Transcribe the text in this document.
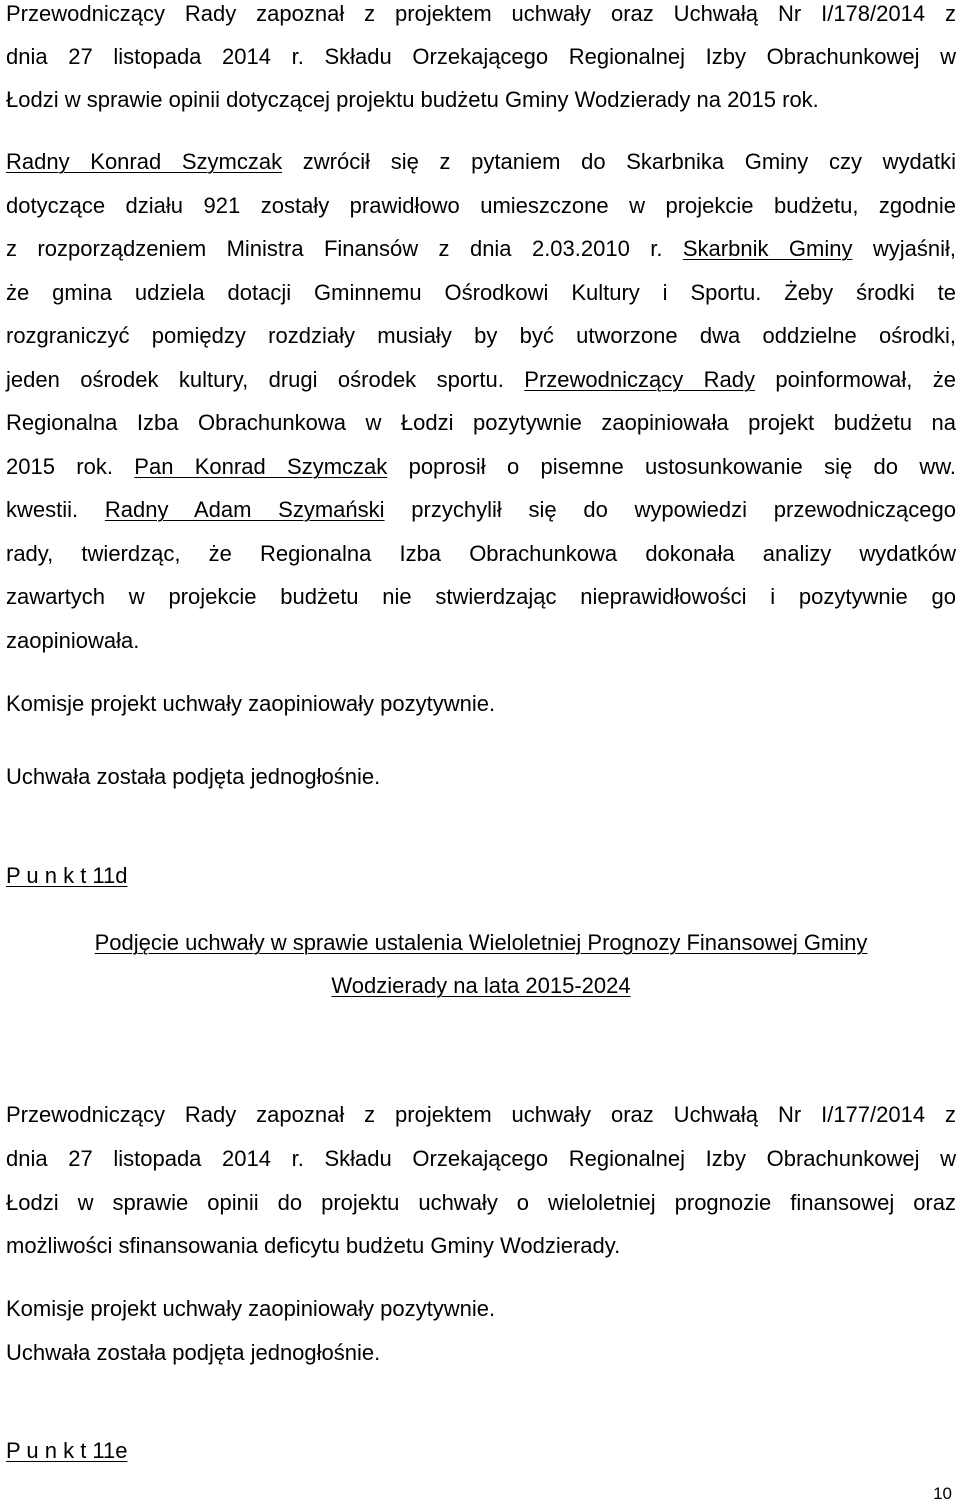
Przewodniczący Rady zapoznał z projektem uchwały oraz Uchwałą Nr I/178/2014 z
dnia 27 listopada 2014 r. Składu Orzekającego Regionalnej Izby Obrachunkowej w
Łodzi w sprawie opinii dotyczącej projektu budżetu Gminy Wodzierady na 2015 rok.
Radny Konrad Szymczak zwrócił się z pytaniem do Skarbnika Gminy czy wydatki
dotyczące działu 921 zostały prawidłowo umieszczone w projekcie budżetu, zgodnie
z rozporządzeniem Ministra Finansów z dnia 2.03.2010 r. Skarbnik Gminy wyjaśnił,
że gmina udziela dotacji Gminnemu Ośrodkowi Kultury i Sportu. Żeby środki te
rozgraniczyć pomiędzy rozdziały musiały by być utworzone dwa oddzielne ośrodki,
jeden ośrodek kultury, drugi ośrodek sportu. Przewodniczący Rady poinformował, że
Regionalna Izba Obrachunkowa w Łodzi pozytywnie zaopiniowała projekt budżetu na
2015 rok. Pan Konrad Szymczak poprosił o pisemne ustosunkowanie się do ww.
kwestii. Radny Adam Szymański przychylił się do wypowiedzi przewodniczącego
rady, twierdząc, że Regionalna Izba Obrachunkowa dokonała analizy wydatków
zawartych w projekcie budżetu nie stwierdzając nieprawidłowości i pozytywnie go
zaopiniowała.
Komisje projekt uchwały zaopiniowały pozytywnie.
Uchwała została podjęta jednogłośnie.
P u n k t 11d
Podjęcie uchwały w sprawie ustalenia Wieloletniej Prognozy Finansowej Gminy
Wodzierady na lata 2015-2024
Przewodniczący Rady zapoznał z projektem uchwały oraz Uchwałą Nr I/177/2014 z
dnia 27 listopada 2014 r. Składu Orzekającego Regionalnej Izby Obrachunkowej w
Łodzi w sprawie opinii do projektu uchwały o wieloletniej prognozie finansowej oraz
możliwości sfinansowania deficytu budżetu Gminy Wodzierady.
Komisje projekt uchwały zaopiniowały pozytywnie.
Uchwała została podjęta jednogłośnie.
P u n k t 11e
10
